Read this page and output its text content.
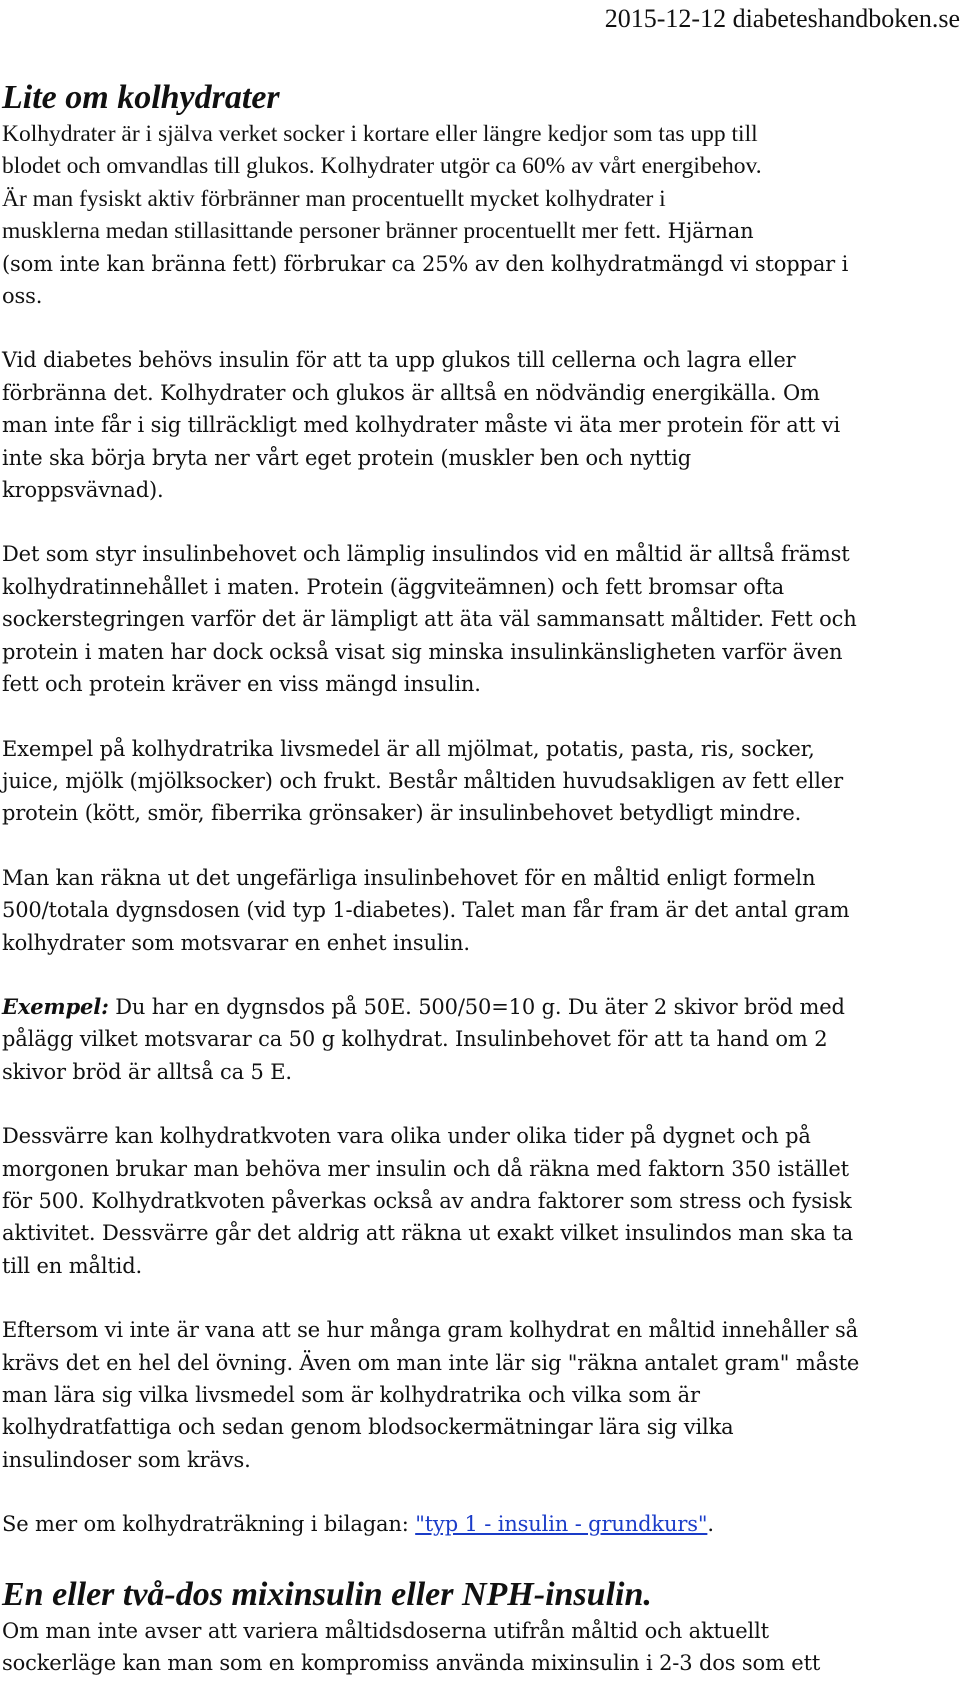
2015-12-12 diabeteshandboken.se
Lite om kolhydrater

Kolhydrater är i själva verket socker i kortare eller längre kedjor som tas upp till
blodet och omvandlas till glukos. Kolhydrater utgör ca 60% av vårt energibehov.
Är man fysiskt aktiv förbränner man procentuellt mycket kolhydrater i
musklerna medan stillasittande personer bränner procentuellt mer fett. Hjärnan
(som inte kan bränna fett) förbrukar ca 25% av den kolhydratmängd vi stoppar i
oss.

Vid diabetes behövs insulin för att ta upp glukos till cellerna och lagra eller
förbränna det. Kolhydrater och glukos är alltså en nödvändig energikälla. Om
man inte får i sig tillräckligt med kolhydrater måste vi äta mer protein för att vi
inte ska börja bryta ner vårt eget protein (muskler ben och nyttig
kroppsvävnad).

Det som styr insulinbehovet och lämplig insulindos vid en måltid är alltså främst
kolhydratinnehållet i maten. Protein (äggviteämnen) och fett bromsar ofta
sockerstegringen varför det är lämpligt att äta väl sammansatt måltider. Fett och
protein i maten har dock också visat sig minska insulinkänsligheten varför även
fett och protein kräver en viss mängd insulin.

Exempel på kolhydratrika livsmedel är all mjölmat, potatis, pasta, ris, socker,
juice, mjölk (mjölksocker) och frukt. Består måltiden huvudsakligen av fett eller
protein (kött, smör, fiberrika grönsaker) är insulinbehovet betydligt mindre.

Man kan räkna ut det ungefärliga insulinbehovet för en måltid enligt formeln
500/totala dygnsdosen (vid typ 1-diabetes). Talet man får fram är det antal gram
kolhydrater som motsvarar en enhet insulin.

Exempel: Du har en dygnsdos på 50E. 500/50=10 g. Du äter 2 skivor bröd med
pålägg vilket motsvarar ca 50 g kolhydrat. Insulinbehovet för att ta hand om 2
skivor bröd är alltså ca 5 E.

Dessvärre kan kolhydratkvoten vara olika under olika tider på dygnet och på
morgonen brukar man behöva mer insulin och då räkna med faktorn 350 istället
för 500. Kolhydratkvoten påverkas också av andra faktorer som stress och fysisk
aktivitet. Dessvärre går det aldrig att räkna ut exakt vilket insulindos man ska ta
till en måltid.

Eftersom vi inte är vana att se hur många gram kolhydrat en måltid innehåller så
krävs det en hel del övning. Även om man inte lär sig "räkna antalet gram" måste
man lära sig vilka livsmedel som är kolhydratrika och vilka som är
kolhydratfattiga och sedan genom blodsockermätningar lära sig vilka
insulindoser som krävs.

Se mer om kolhydraträkning i bilagan: "typ 1 - insulin - grundkurs".

En eller två-dos mixinsulin eller NPH-insulin.

Om man inte avser att variera måltidsdoserna utifrån måltid och aktuellt
sockerläge kan man som en kompromiss använda mixinsulin i 2-3 dos som ett
